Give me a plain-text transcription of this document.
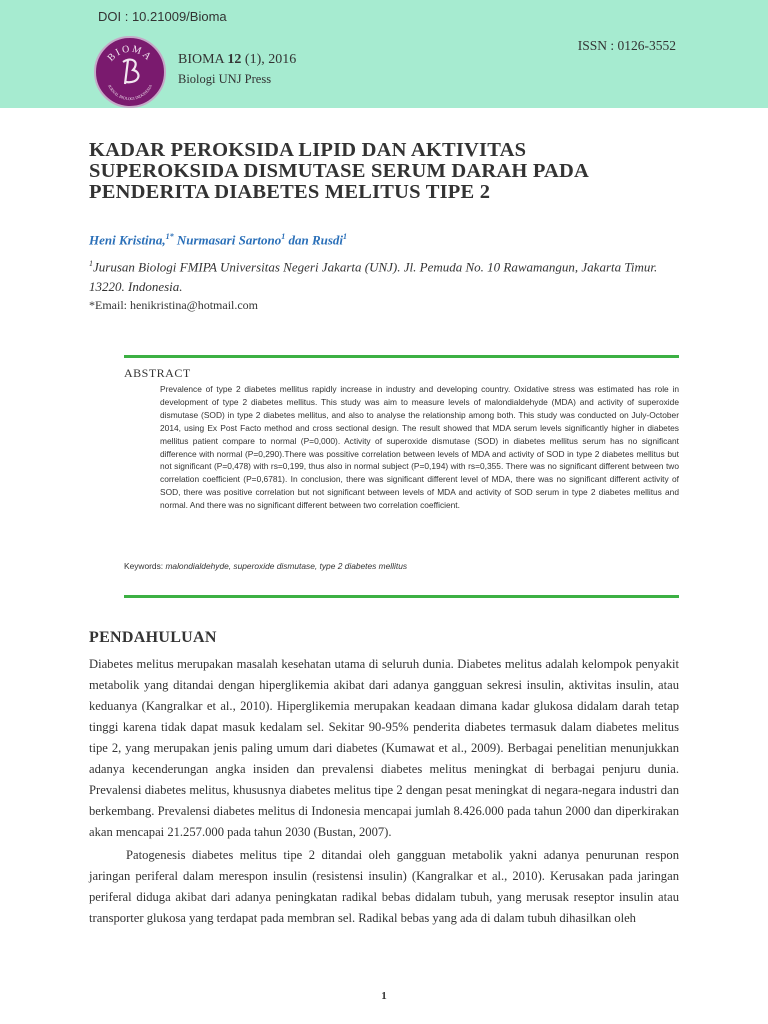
DOI : 10.21009/Bioma
BIOMA
JURNAL BIOLOGI INDONESIA
BIOMA 12 (1), 2016
Biologi UNJ Press
ISSN : 0126-3552
KADAR PEROKSIDA LIPID DAN AKTIVITAS
SUPEROKSIDA DISMUTASE SERUM DARAH PADA
PENDERITA DIABETES MELITUS TIPE 2
Heni Kristina,$^{1*}$ Nurmasari Sartono$^1$ dan Rusdi$^1$
$^1$Jurusan Biologi FMIPA Universitas Negeri Jakarta (UNJ). Jl. Pemuda No. 10 Rawamangun, Jakarta Timur. 13220. Indonesia.
*Email: henikristina@hotmail.com
ABSTRACT
Prevalence of type 2 diabetes mellitus rapidly increase in industry and developing country. Oxidative stress was estimated has role in development of type 2 diabetes mellitus. This study was aim to measure levels of malondialdehyde (MDA) and activity of superoxide dismutase (SOD) in type 2 diabetes mellitus, and also to analyse the relationship among both. This study was conducted on July-October 2014, using Ex Post Facto method and cross sectional design. The result showed that MDA serum levels significantly higher in diabetes mellitus patient compare to normal (P=0,000). Activity of superoxide dismutase (SOD) in diabetes mellitus serum has no significant difference with normal (P=0,290).There was possitive correlation between levels of MDA and activity of SOD in type 2 diabetes mellitus but not significant (P=0,478) with rs=0,199, thus also in normal subject (P=0,194) with rs=0,355. There was no significant different between two correlation coefficient (P=0,6781). In conclusion, there was significant different level of MDA, there was no significant different activity of SOD, there was positive correlation but not significant between levels of MDA and activity of SOD serum in type 2 diabetes mellitus and normal. And there was no significant different between two correlation coefficient.
Keywords: malondialdehyde, superoxide dismutase, type 2 diabetes mellitus
PENDAHULUAN
Diabetes melitus merupakan masalah kesehatan utama di seluruh dunia. Diabetes melitus adalah kelompok penyakit metabolik yang ditandai dengan hiperglikemia akibat dari adanya gangguan sekresi insulin, aktivitas insulin, atau keduanya (Kangralkar et al., 2010). Hiperglikemia merupakan keadaan dimana kadar glukosa didalam darah tetap tinggi karena tidak dapat masuk kedalam sel. Sekitar 90-95% penderita diabetes termasuk dalam diabetes melitus tipe 2, yang merupakan jenis paling umum dari diabetes (Kumawat et al., 2009). Berbagai penelitian menunjukkan adanya kecenderungan angka insiden dan prevalensi diabetes melitus meningkat di berbagai penjuru dunia. Prevalensi diabetes melitus, khususnya diabetes melitus tipe 2 dengan pesat meningkat di negara-negara industri dan berkembang. Prevalensi diabetes melitus di Indonesia mencapai jumlah 8.426.000 pada tahun 2000 dan diperkirakan akan mencapai 21.257.000 pada tahun 2030 (Bustan, 2007).
Patogenesis diabetes melitus tipe 2 ditandai oleh gangguan metabolik yakni adanya penurunan respon jaringan periferal dalam merespon insulin (resistensi insulin) (Kangralkar et al., 2010). Kerusakan pada jaringan periferal diduga akibat dari adanya peningkatan radikal bebas didalam tubuh, yang merusak reseptor insulin atau transporter glukosa yang terdapat pada membran sel. Radikal bebas yang ada di dalam tubuh dihasilkan oleh
1
